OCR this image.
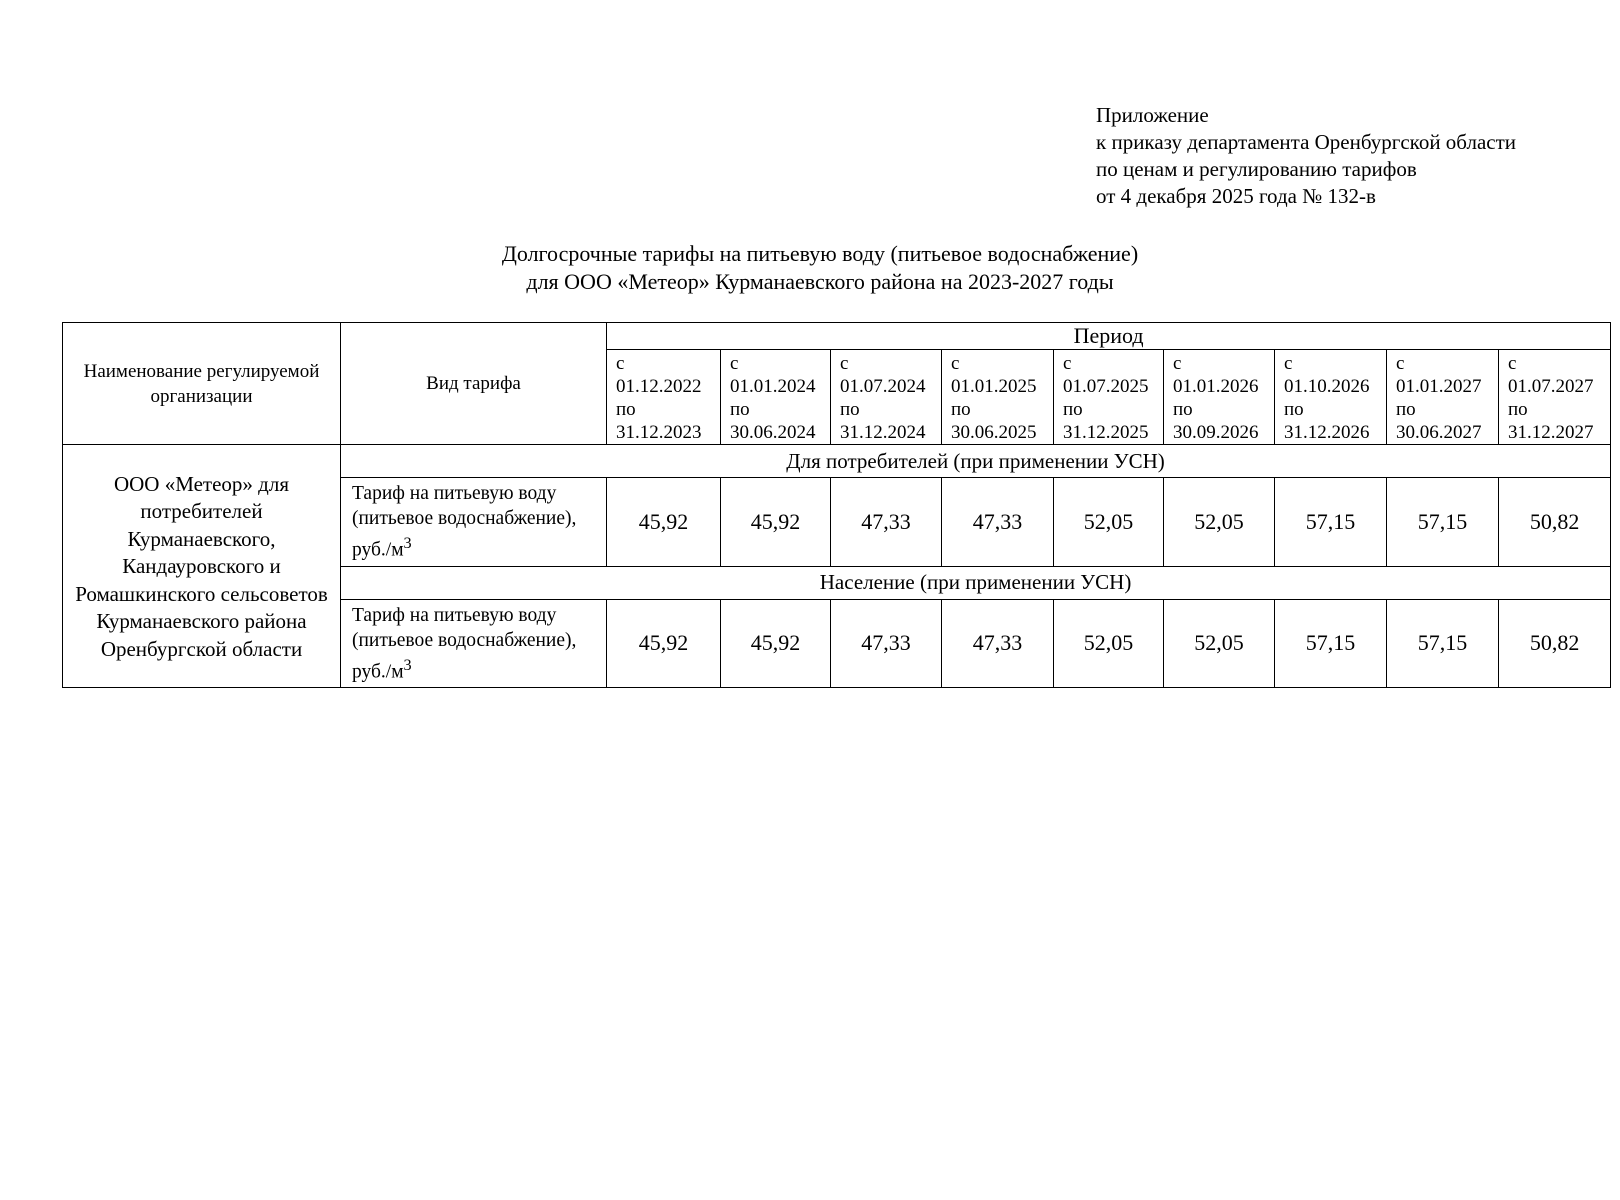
Приложение
к приказу департамента Оренбургской области
по ценам и регулированию тарифов
от 4 декабря 2025 года № 132-в
Долгосрочные тарифы на питьевую воду (питьевое водоснабжение)
для ООО «Метеор» Курманаевского района на 2023-2027 годы
Наименование регулируемой организации	Вид тарифа	Период								

		с
01.12.2022
по
31.12.2023	с
01.01.2024
по
30.06.2024	с
01.07.2024
по
31.12.2024	с
01.01.2025
по
30.06.2025	с
01.07.2025
по
31.12.2025	с
01.01.2026
по
30.09.2026	с
01.10.2026
по
31.12.2026	с
01.01.2027
по
30.06.2027	с
01.07.2027
по
31.12.2027

ООО «Метеор» для потребителей Курманаевского, Кандауровского и Ромашкинского сельсоветов Курманаевского района Оренбургской области	Для потребителей (при применении УСН)									
	Тариф на питьевую воду (питьевое водоснабжение), $руб./м^3$	45,92	45,92	47,33	47,33	52,05	52,05	57,15	57,15	50,82
	Население (при применении УСН)									
	Тариф на питьевую воду (питьевое водоснабжение), $руб./м^3$	45,92	45,92	47,33	47,33	52,05	52,05	57,15	57,15	50,82
